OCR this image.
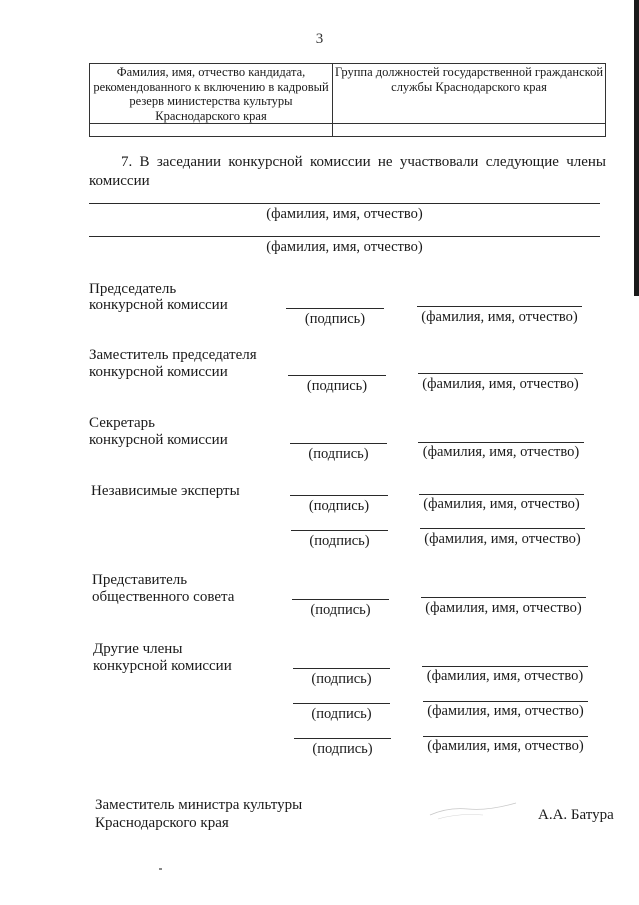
3
Фамилия, имя, отчество кандидата, рекомендованного к включению в кадровый резерв министерства культуры Краснодарского края	Группа должностей государственной гражданской службы Краснодарского края

7. В заседании конкурсной комиссии не участвовали следующие члены комиссии
(фамилия, имя, отчество)
(фамилия, имя, отчество)
Председатель
конкурсной комиссии
(подпись)	(фамилия, имя, отчество)
Заместитель председателя
конкурсной комиссии
(подпись)	(фамилия, имя, отчество)
Секретарь
конкурсной комиссии
(подпись)	(фамилия, имя, отчество)
Независимые эксперты
(подпись)	(фамилия, имя, отчество)
(подпись)	(фамилия, имя, отчество)
Представитель
общественного совета
(подпись)	(фамилия, имя, отчество)
Другие члены
конкурсной комиссии
(подпись)	(фамилия, имя, отчество)
(подпись)	(фамилия, имя, отчество)
(подпись)	(фамилия, имя, отчество)
Заместитель министра культуры
Краснодарского края	А.А. Батура
